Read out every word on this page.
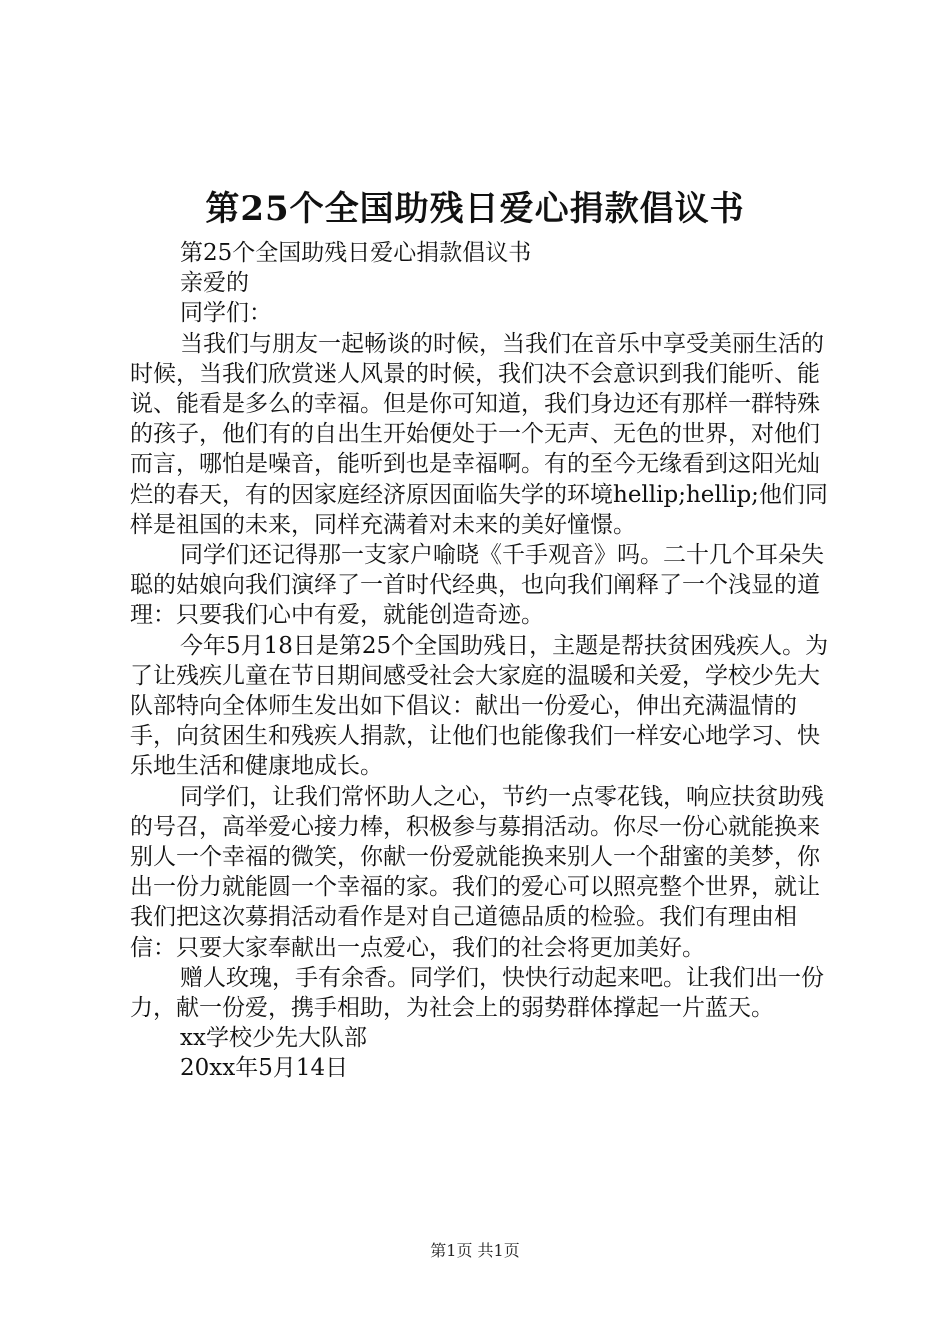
第25个全国助残日爱心捐款倡议书

第25个全国助残日爱心捐款倡议书

亲爱的

同学们：

当我们与朋友一起畅谈的时候，当我们在音乐中享受美丽生活的时候，当我们欣赏迷人风景的时候，我们决不会意识到我们能听、能说、能看是多么的幸福。但是你可知道，我们身边还有那样一群特殊的孩子，他们有的自出生开始便处于一个无声、无色的世界，对他们而言，哪怕是噪音，能听到也是幸福啊。有的至今无缘看到这阳光灿烂的春天，有的因家庭经济原因面临失学的环境hellip;hellip;他们同样是祖国的未来，同样充满着对未来的美好憧憬。

同学们还记得那一支家户喻晓《千手观音》吗。二十几个耳朵失聪的姑娘向我们演绎了一首时代经典，也向我们阐释了一个浅显的道理：只要我们心中有爱，就能创造奇迹。

今年5月18日是第25个全国助残日，主题是帮扶贫困残疾人。为了让残疾儿童在节日期间感受社会大家庭的温暖和关爱，学校少先大队部特向全体师生发出如下倡议：献出一份爱心，伸出充满温情的手，向贫困生和残疾人捐款，让他们也能像我们一样安心地学习、快乐地生活和健康地成长。

同学们，让我们常怀助人之心，节约一点零花钱，响应扶贫助残的号召，高举爱心接力棒，积极参与募捐活动。你尽一份心就能换来别人一个幸福的微笑，你献一份爱就能换来别人一个甜蜜的美梦，你出一份力就能圆一个幸福的家。我们的爱心可以照亮整个世界，就让我们把这次募捐活动看作是对自己道德品质的检验。我们有理由相信：只要大家奉献出一点爱心，我们的社会将更加美好。

赠人玫瑰，手有余香。同学们，快快行动起来吧。让我们出一份力，献一份爱，携手相助，为社会上的弱势群体撑起一片蓝天。

xx学校少先大队部

20xx年5月14日

第1页 共1页
